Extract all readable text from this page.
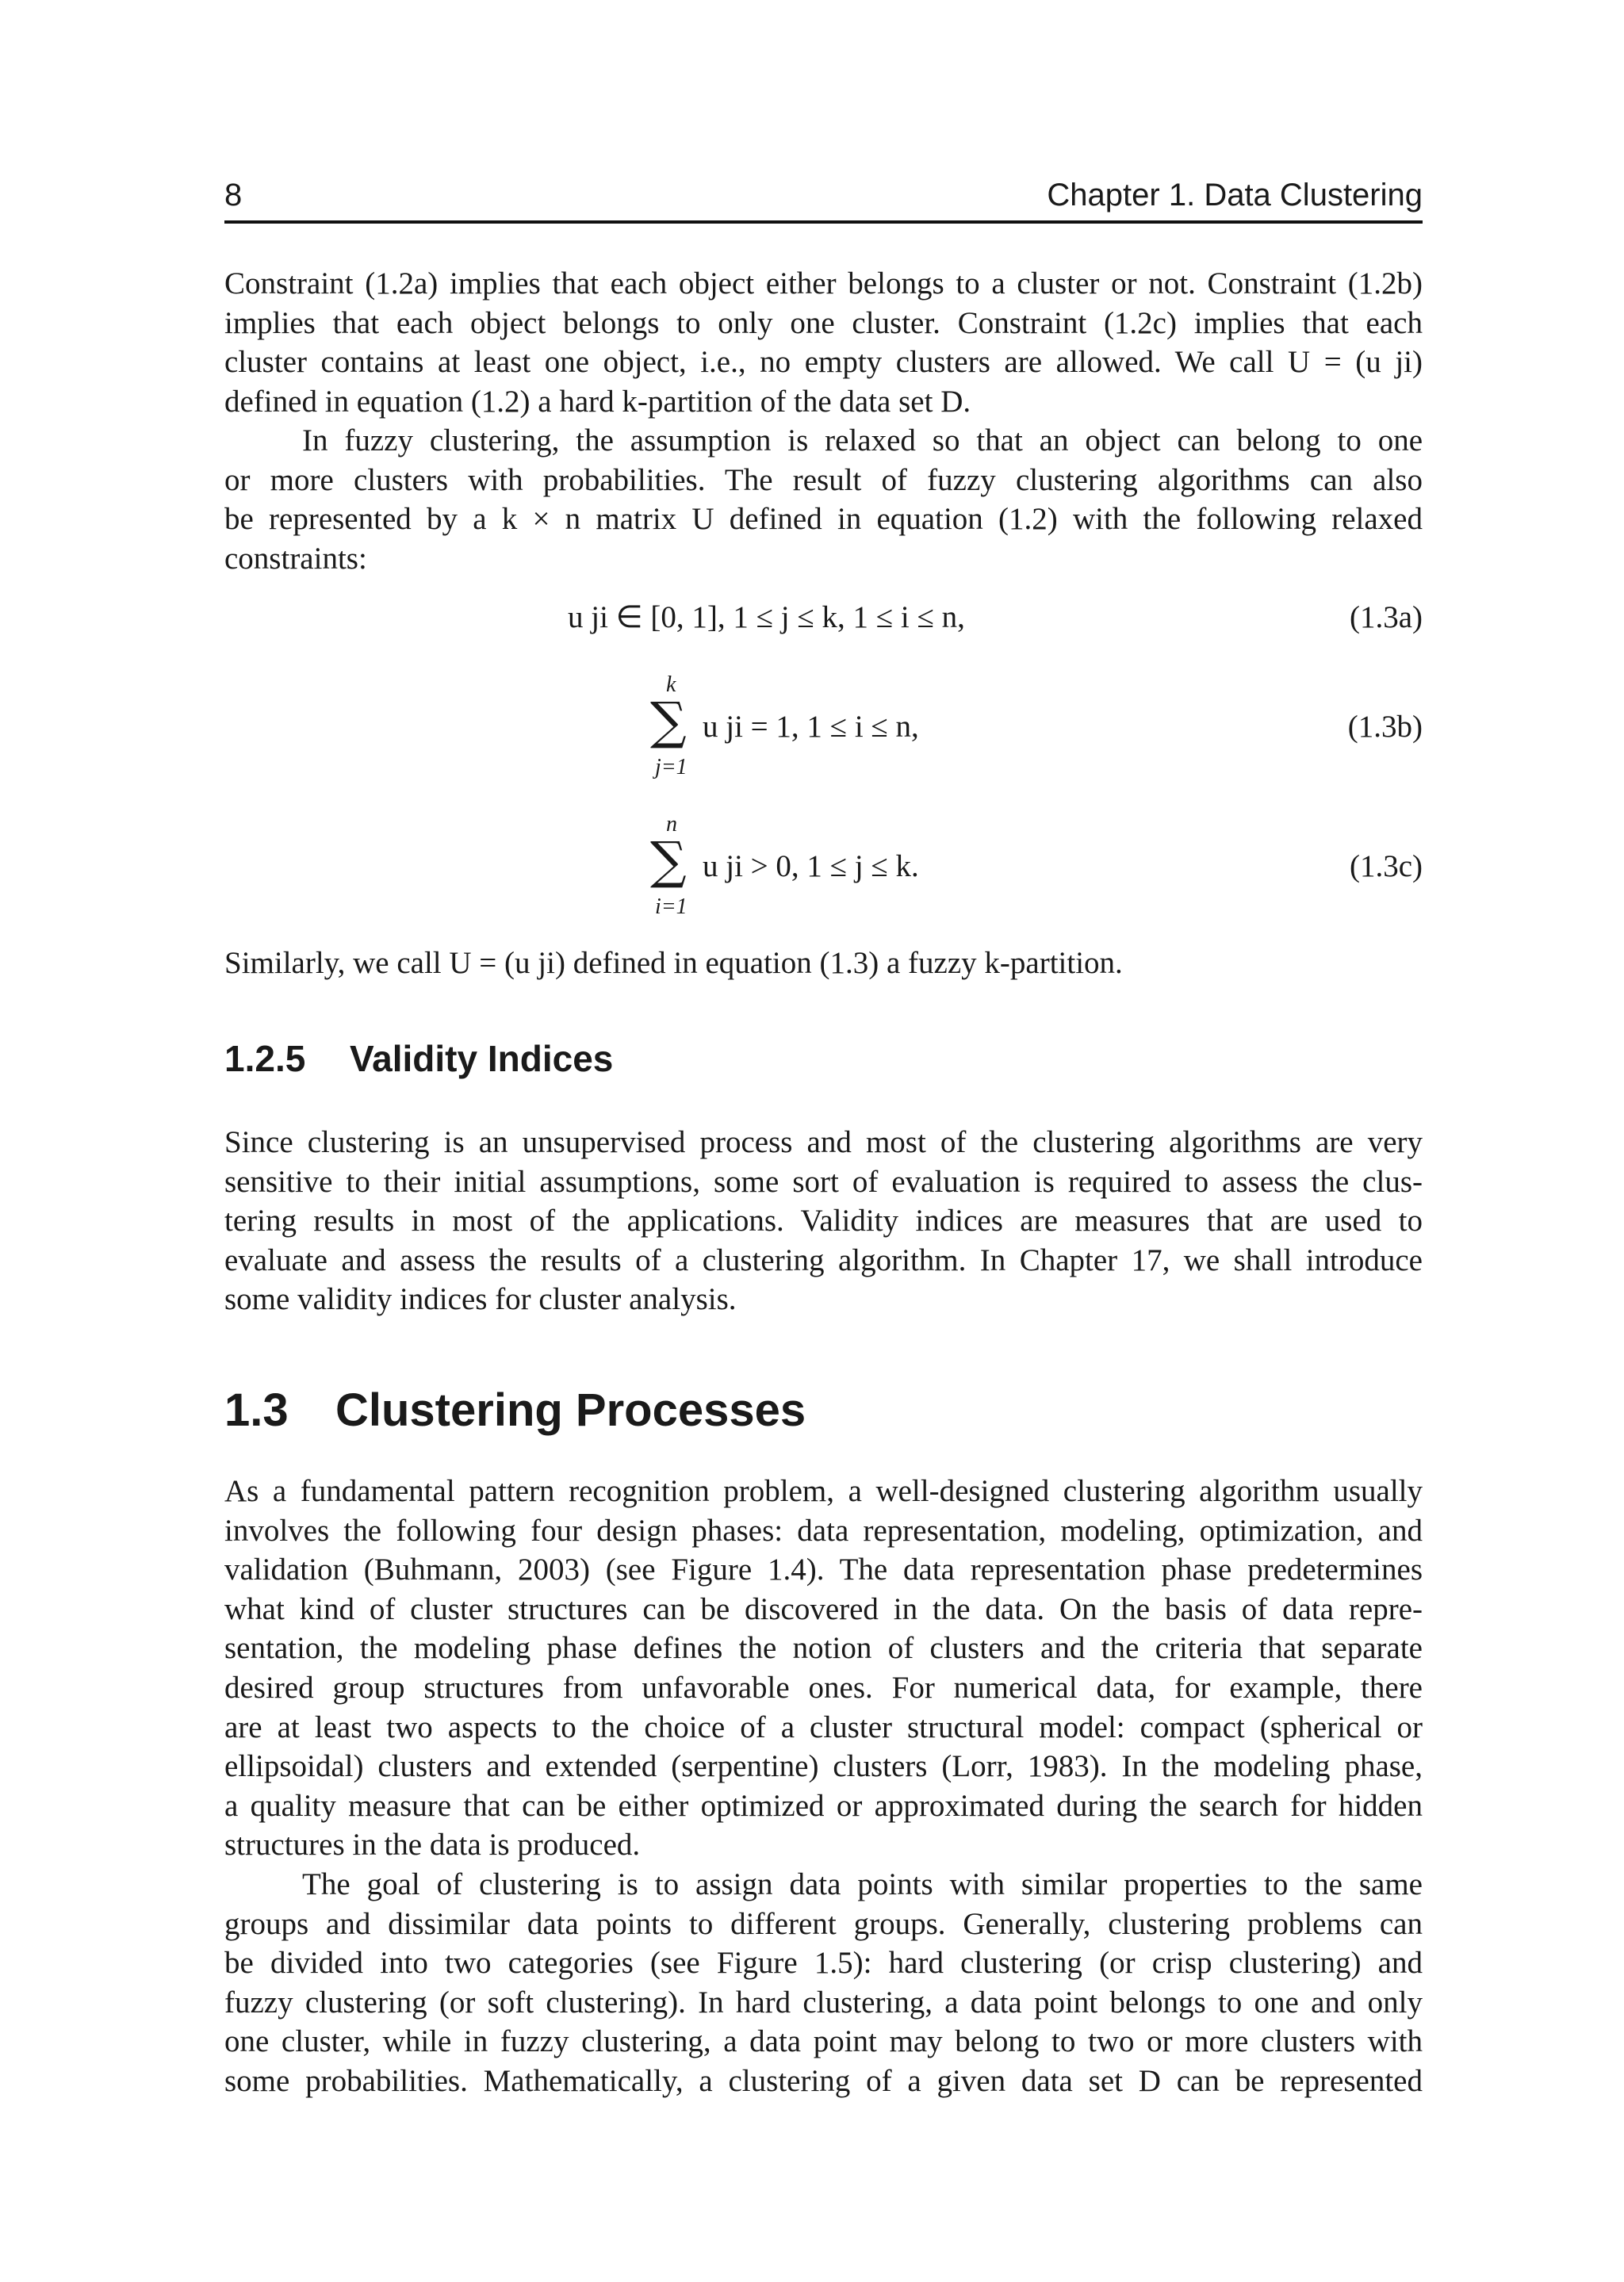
8	Chapter 1. Data Clustering
Constraint (1.2a) implies that each object either belongs to a cluster or not. Constraint (1.2b)
implies that each object belongs to only one cluster. Constraint (1.2c) implies that each
cluster contains at least one object, i.e., no empty clusters are allowed. We call U = (u ji)
defined in equation (1.2) a hard k-partition of the data set D.
In fuzzy clustering, the assumption is relaxed so that an object can belong to one
or more clusters with probabilities. The result of fuzzy clustering algorithms can also
be represented by a k × n matrix U defined in equation (1.2) with the following relaxed
constraints:
u ji ∈ [0, 1], 1 ≤ j ≤ k, 1 ≤ i ≤ n,	(1.3a)
k
∑
j=1
u ji = 1, 1 ≤ i ≤ n,	(1.3b)
n
∑
i=1
u ji > 0, 1 ≤ j ≤ k.	(1.3c)
Similarly, we call U = (u ji) defined in equation (1.3) a fuzzy k-partition.
1.2.5 Validity Indices
Since clustering is an unsupervised process and most of the clustering algorithms are very
sensitive to their initial assumptions, some sort of evaluation is required to assess the clus-
tering results in most of the applications. Validity indices are measures that are used to
evaluate and assess the results of a clustering algorithm. In Chapter 17, we shall introduce
some validity indices for cluster analysis.
1.3 Clustering Processes
As a fundamental pattern recognition problem, a well-designed clustering algorithm usually
involves the following four design phases: data representation, modeling, optimization, and
validation (Buhmann, 2003) (see Figure 1.4). The data representation phase predetermines
what kind of cluster structures can be discovered in the data. On the basis of data repre-
sentation, the modeling phase defines the notion of clusters and the criteria that separate
desired group structures from unfavorable ones. For numerical data, for example, there
are at least two aspects to the choice of a cluster structural model: compact (spherical or
ellipsoidal) clusters and extended (serpentine) clusters (Lorr, 1983). In the modeling phase,
a quality measure that can be either optimized or approximated during the search for hidden
structures in the data is produced.
The goal of clustering is to assign data points with similar properties to the same
groups and dissimilar data points to different groups. Generally, clustering problems can
be divided into two categories (see Figure 1.5): hard clustering (or crisp clustering) and
fuzzy clustering (or soft clustering). In hard clustering, a data point belongs to one and only
one cluster, while in fuzzy clustering, a data point may belong to two or more clusters with
some probabilities. Mathematically, a clustering of a given data set D can be represented
